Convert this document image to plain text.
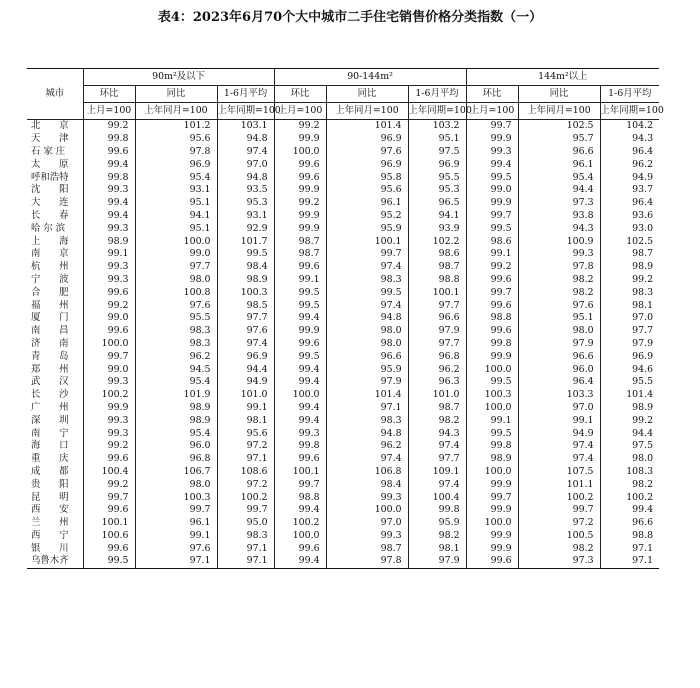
表4：2023年6月70个大中城市二手住宅销售价格分类指数（一）
城市	90m²及以下			90-144m²			144m²以上		
	环比	同比	1-6月平均	环比	同比	1-6月平均	环比	同比	1-6月平均
	上月=100	上年同月=100	上年同期=100	上月=100	上年同月=100	上年同期=100	上月=100	上年同月=100	上年同期=100
北　　京	99.2	101.2	103.1	99.2	101.4	103.2	99.7	102.5	104.2
天　　津	99.8	95.6	94.8	99.9	96.9	95.1	99.9	95.7	94.3
石 家 庄	99.6	97.8	97.4	100.0	97.6	97.5	99.3	96.6	96.4
太　　原	99.4	96.9	97.0	99.6	96.9	96.9	99.4	96.1	96.2
呼和浩特	99.8	95.4	94.8	99.6	95.8	95.5	99.5	95.4	94.9
沈　　阳	99.3	93.1	93.5	99.9	95.6	95.3	99.0	94.4	93.7
大　　连	99.4	95.1	95.3	99.2	96.1	96.5	99.9	97.3	96.4
长　　春	99.4	94.1	93.1	99.9	95.2	94.1	99.7	93.8	93.6
哈 尔 滨	99.3	95.1	92.9	99.9	95.9	93.9	99.5	94.3	93.0
上　　海	98.9	100.0	101.7	98.7	100.1	102.2	98.6	100.9	102.5
南　　京	99.1	99.0	99.5	98.7	99.7	98.6	99.1	99.3	98.7
杭　　州	99.3	97.7	98.4	99.6	97.4	98.7	99.2	97.8	98.9
宁　　波	99.3	98.0	98.9	99.1	98.3	98.8	99.6	98.2	99.2
合　　肥	99.6	100.8	100.3	99.5	99.5	100.1	99.7	98.2	98.3
福　　州	99.2	97.6	98.5	99.5	97.4	97.7	99.6	97.6	98.1
厦　　门	99.0	95.5	97.7	99.4	94.8	96.6	98.8	95.1	97.0
南　　昌	99.6	98.3	97.6	99.9	98.0	97.9	99.6	98.0	97.7
济　　南	100.0	98.3	97.4	99.6	98.0	97.7	99.8	97.9	97.9
青　　岛	99.7	96.2	96.9	99.5	96.6	96.8	99.9	96.6	96.9
郑　　州	99.0	94.5	94.4	99.4	95.9	96.2	100.0	96.0	94.6
武　　汉	99.3	95.4	94.9	99.4	97.9	96.3	99.5	96.4	95.5
长　　沙	100.2	101.9	101.0	100.0	101.4	101.0	100.3	103.3	101.4
广　　州	99.9	98.9	99.1	99.4	97.1	98.7	100.0	97.0	98.9
深　　圳	99.3	98.9	98.1	99.4	98.3	98.2	99.1	99.1	99.2
南　　宁	99.3	95.4	95.6	99.3	94.8	94.3	99.5	94.9	94.4
海　　口	99.2	96.0	97.2	99.8	96.2	97.4	99.8	97.4	97.5
重　　庆	99.6	96.8	97.1	99.6	97.4	97.7	98.9	97.4	98.0
成　　都	100.4	106.7	108.6	100.1	106.8	109.1	100.0	107.5	108.3
贵　　阳	99.2	98.0	97.2	99.7	98.4	97.4	99.9	101.1	98.2
昆　　明	99.7	100.3	100.2	98.8	99.3	100.4	99.7	100.2	100.2
西　　安	99.6	99.7	99.7	99.4	100.0	99.8	99.9	99.7	99.4
兰　　州	100.1	96.1	95.0	100.2	97.0	95.9	100.0	97.2	96.6
西　　宁	100.6	99.1	98.3	100.0	99.3	98.2	99.9	100.5	98.8
银　　川	99.6	97.6	97.1	99.6	98.7	98.1	99.9	98.2	97.1
乌鲁木齐	99.5	97.1	97.1	99.4	97.8	97.9	99.6	97.3	97.1
